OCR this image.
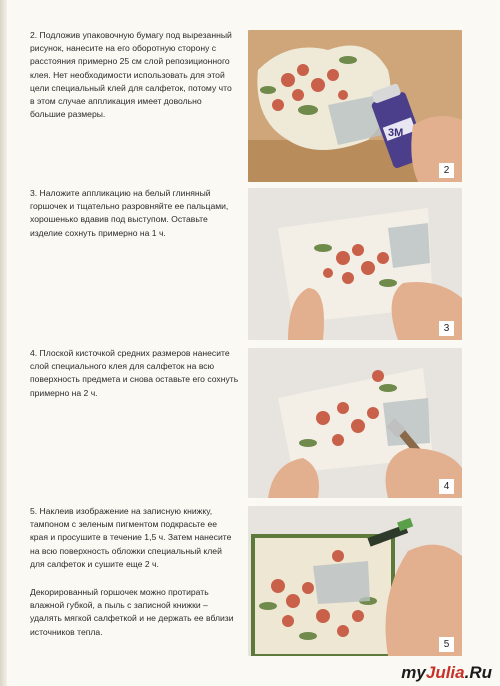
2. Подложив упаковочную бумагу под вырезанный рисунок, нанесите на его оборотную сторону с расстояния примерно 25 см слой репозиционного клея. Нет необходимости использовать для этой цели специальный клей для салфеток, потому что в этом случае аппликация имеет довольно большие размеры.
3M
2
3. Наложите аппликацию на белый глиняный горшочек и тщательно разровняйте ее пальцами, хорошенько вдавив под выступом. Оставьте изделие сохнуть примерно на 1 ч.
3
4. Плоской кисточкой средних размеров нанесите слой специального клея для салфеток на всю поверхность предмета и снова оставьте его сохнуть примерно на 2 ч.
4
5. Наклеив изображение на записную книжку, тампоном с зеленым пигментом подкрасьте ее края и просушите в течение 1,5 ч. Затем нанесите на всю поверхность обложки специальный клей для салфеток и сушите еще 2 ч.
Декорированный горшочек можно протирать влажной губкой, а пыль с записной книжки – удалять мягкой салфеткой и не держать ее вблизи источников тепла.
5
myJulia.Ru
